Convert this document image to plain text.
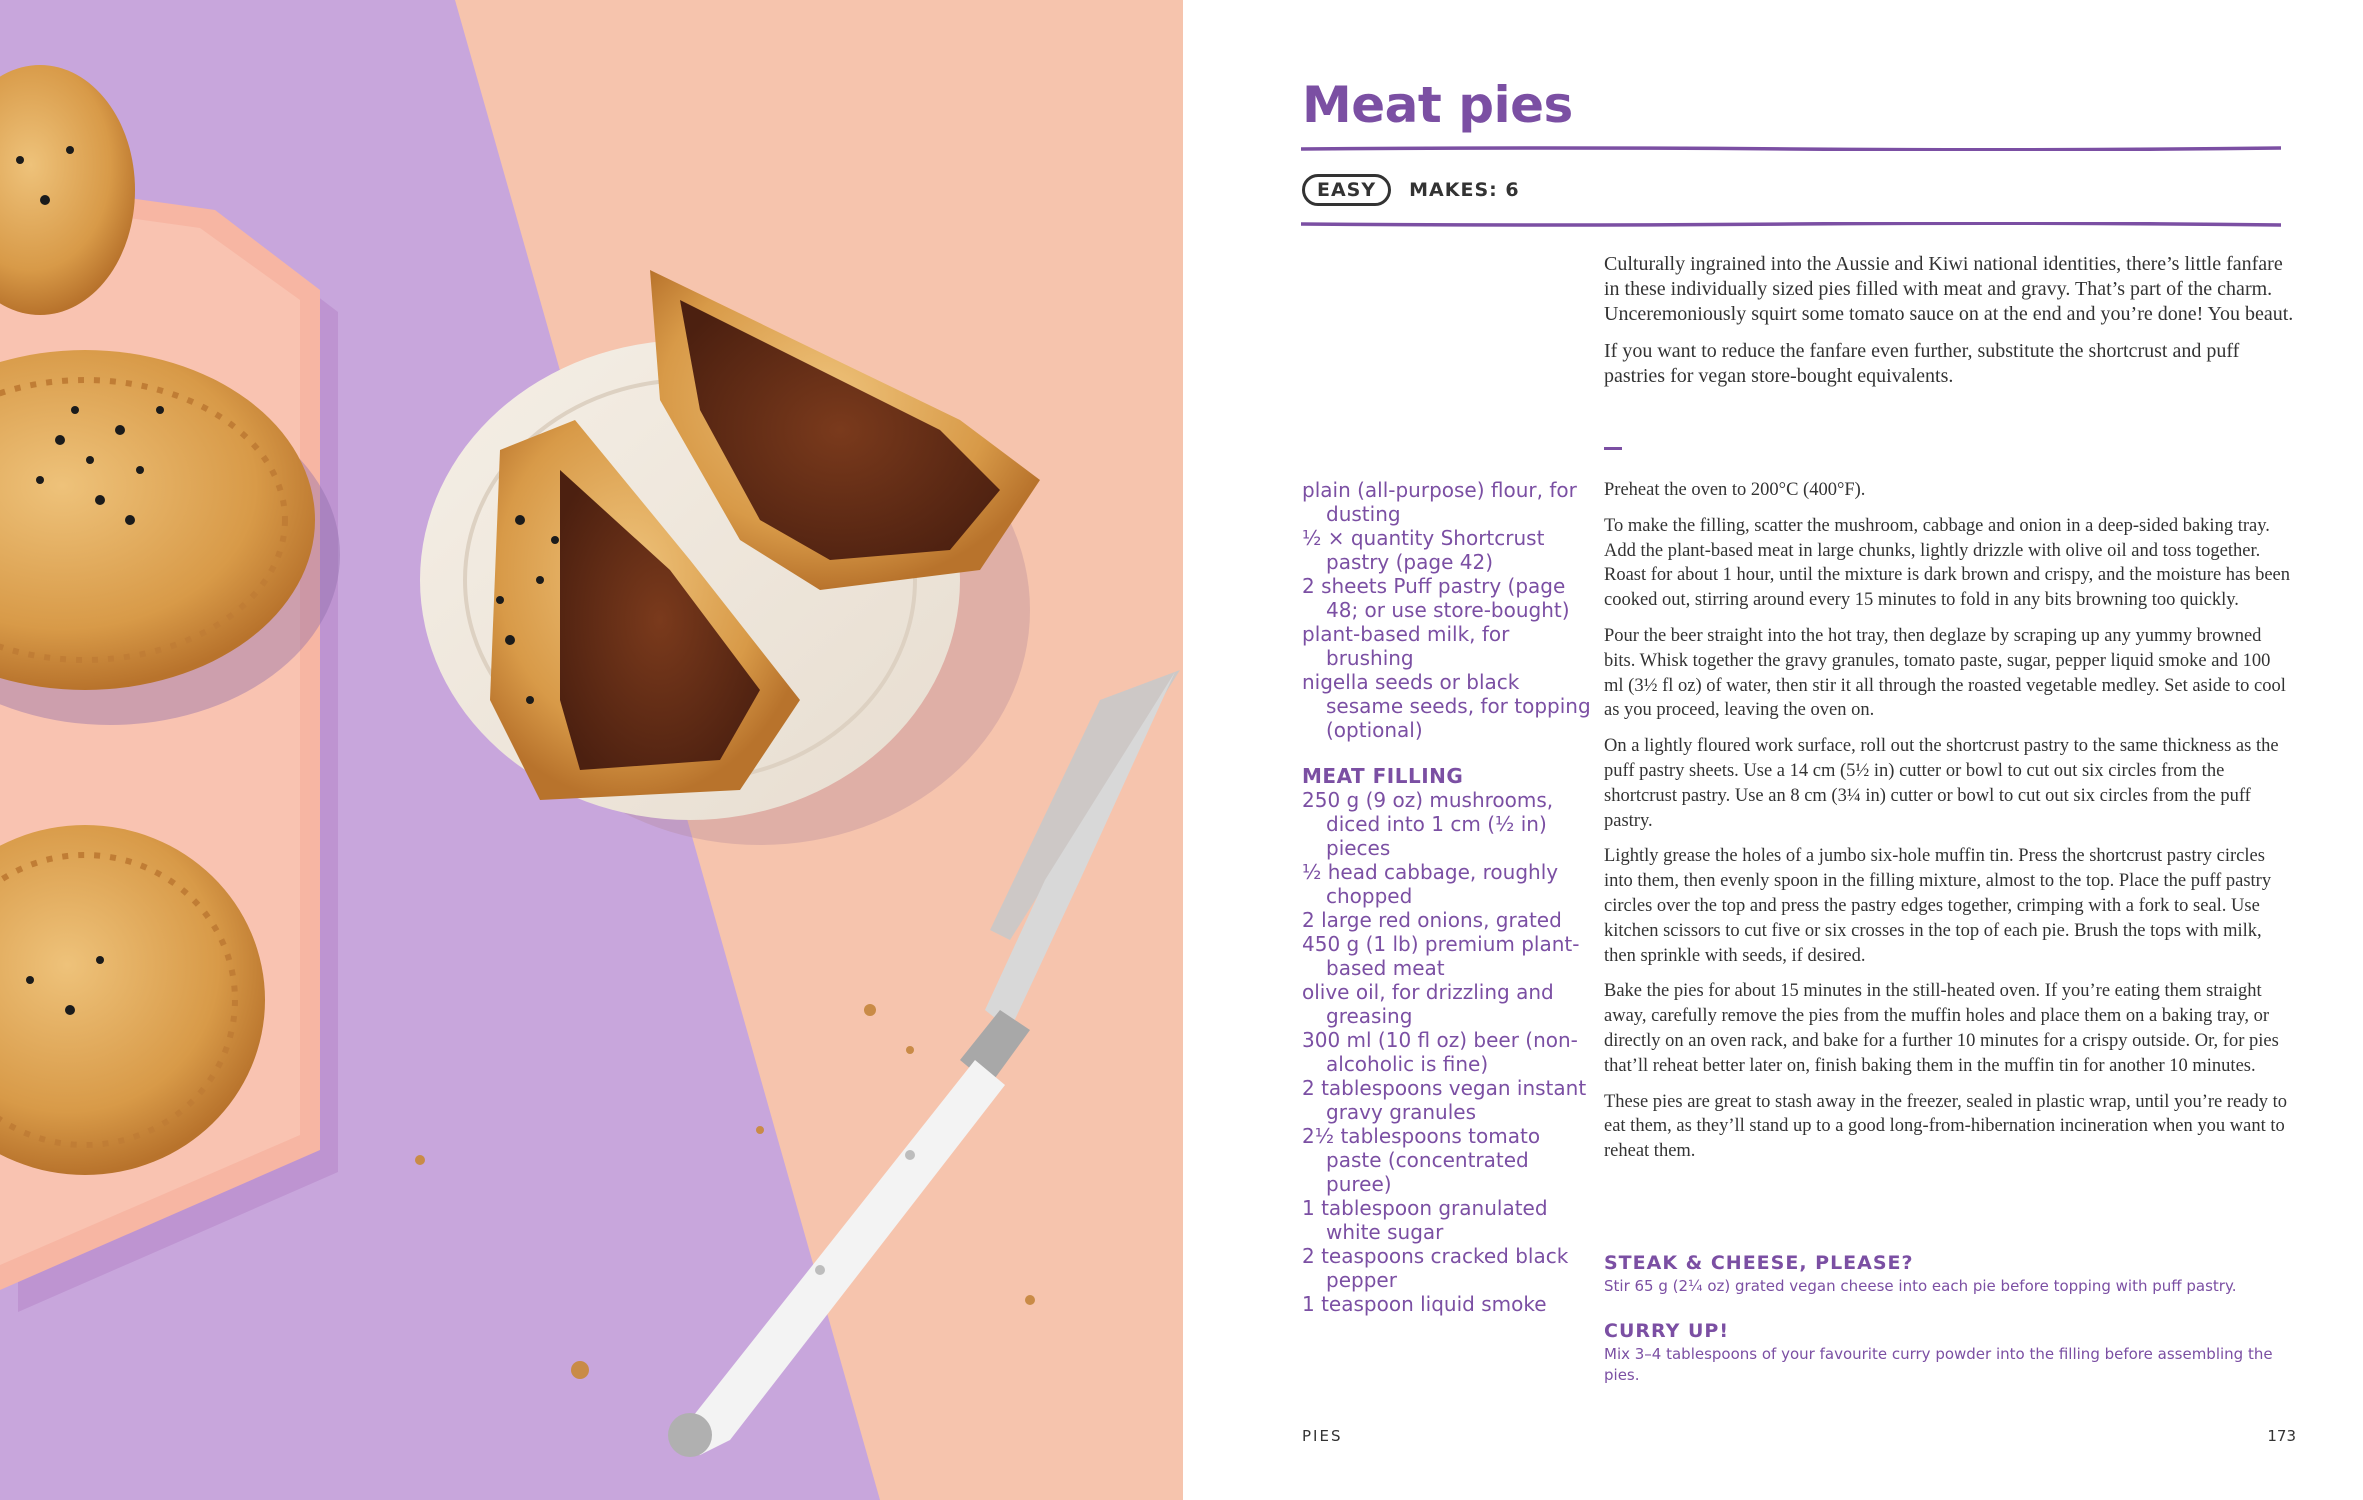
Meat pies
EASY	MAKES: 6

Culturally ingrained into the Aussie and Kiwi national identities, there’s little fanfare in these individually sized pies filled with meat and gravy. That’s part of the charm. Unceremoniously squirt some tomato sauce on at the end and you’re done! You beaut.

If you want to reduce the fanfare even further, substitute the shortcrust and puff pastries for vegan store-bought equivalents.

plain (all-purpose) flour, for dusting
½ × quantity Shortcrust pastry (page 42)
2 sheets Puff pastry (page 48; or use store-bought)
plant-based milk, for brushing
nigella seeds or black sesame seeds, for topping (optional)
MEAT FILLING
250 g (9 oz) mushrooms, diced into 1 cm (½ in) pieces
½ head cabbage, roughly chopped
2 large red onions, grated
450 g (1 lb) premium plant-based meat
olive oil, for drizzling and greasing
300 ml (10 fl oz) beer (non-alcoholic is fine)
2 tablespoons vegan instant gravy granules
2½ tablespoons tomato paste (concentrated puree)
1 tablespoon granulated white sugar
2 teaspoons cracked black pepper
1 teaspoon liquid smoke

Preheat the oven to 200°C (400°F).

To make the filling, scatter the mushroom, cabbage and onion in a deep-sided baking tray. Add the plant-based meat in large chunks, lightly drizzle with olive oil and toss together. Roast for about 1 hour, until the mixture is dark brown and crispy, and the moisture has been cooked out, stirring around every 15 minutes to fold in any bits browning too quickly.

Pour the beer straight into the hot tray, then deglaze by scraping up any yummy browned bits. Whisk together the gravy granules, tomato paste, sugar, pepper liquid smoke and 100 ml (3½ fl oz) of water, then stir it all through the roasted vegetable medley. Set aside to cool as you proceed, leaving the oven on.

On a lightly floured work surface, roll out the shortcrust pastry to the same thickness as the puff pastry sheets. Use a 14 cm (5½ in) cutter or bowl to cut out six circles from the shortcrust pastry. Use an 8 cm (3¼ in) cutter or bowl to cut out six circles from the puff pastry.

Lightly grease the holes of a jumbo six-hole muffin tin. Press the shortcrust pastry circles into them, then evenly spoon in the filling mixture, almost to the top. Place the puff pastry circles over the top and press the pastry edges together, crimping with a fork to seal. Use kitchen scissors to cut five or six crosses in the top of each pie. Brush the tops with milk, then sprinkle with seeds, if desired.

Bake the pies for about 15 minutes in the still-heated oven. If you’re eating them straight away, carefully remove the pies from the muffin holes and place them on a baking tray, or directly on an oven rack, and bake for a further 10 minutes for a crispy outside. Or, for pies that’ll reheat better later on, finish baking them in the muffin tin for another 10 minutes.

These pies are great to stash away in the freezer, sealed in plastic wrap, until you’re ready to eat them, as they’ll stand up to a good long-from-hibernation incineration when you want to reheat them.

STEAK & CHEESE, PLEASE?
Stir 65 g (2¼ oz) grated vegan cheese into each pie before topping with puff pastry.
CURRY UP!
Mix 3–4 tablespoons of your favourite curry powder into the filling before assembling the pies.
PIES	173
